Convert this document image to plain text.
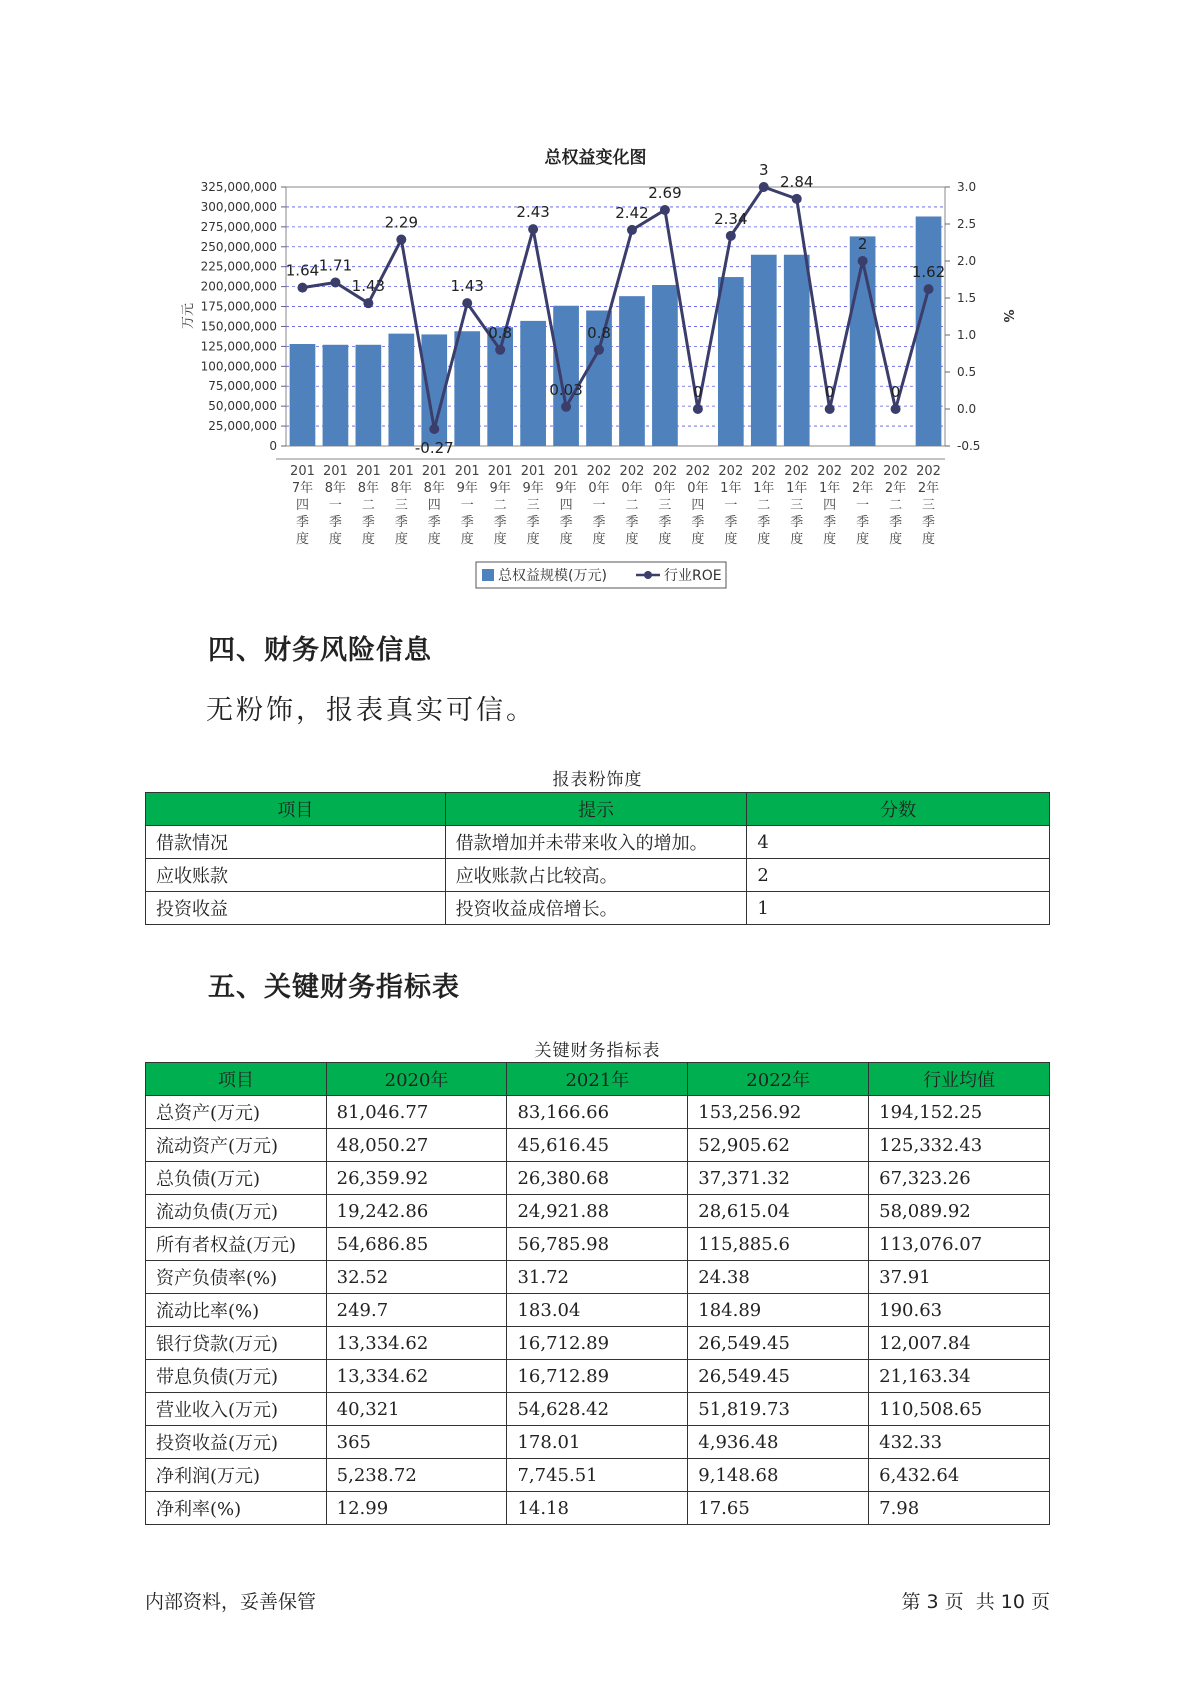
总权益变化图
325,000,000
300,000,000
275,000,000
250,000,000
225,000,000
200,000,000
175,000,000
150,000,000
125,000,000
100,000,000
75,000,000
50,000,000
25,000,000
0
3.0
2.5
2.0
1.5
1.0
0.5
0.0
-0.5
万元	%
1.64 1.71
1.43
2.29
-0.27
1.43
0.8
2.43
0.03
0.8
2.42
2.69
0
2.34
3
2.84
0
2
0
1.62
201
7年
四
季
度
201
8年
一
季
度
201
8年
二
季
度
201
8年
三
季
度
201
8年
四
季
度
201
9年
一
季
度
201
9年
二
季
度
201
9年
三
季
度
201
9年
四
季
度
202
0年
一
季
度
202
0年
二
季
度
202
0年
三
季
度
202
0年
四
季
度
202
1年
一
季
度
202
1年
二
季
度
202
1年
三
季
度
202
1年
四
季
度
202
2年
一
季
度
202
2年
二
季
度
202
2年
三
季
度
总权益规模(万元)	行业ROE
四、财务风险信息
无粉饰，报表真实可信。
报表粉饰度
项目	提示	分数
借款情况	借款增加并未带来收入的增加。	4
应收账款	应收账款占比较高。	2
投资收益	投资收益成倍增长。	1
五、关键财务指标表
关键财务指标表
项目	2020年	2021年	2022年	行业均值
总资产(万元)	81,046.77	83,166.66	153,256.92	194,152.25
流动资产(万元)	48,050.27	45,616.45	52,905.62	125,332.43
总负债(万元)	26,359.92	26,380.68	37,371.32	67,323.26
流动负债(万元)	19,242.86	24,921.88	28,615.04	58,089.92
所有者权益(万元)	54,686.85	56,785.98	115,885.6	113,076.07
资产负债率(%)	32.52	31.72	24.38	37.91
流动比率(%)	249.7	183.04	184.89	190.63
银行贷款(万元)	13,334.62	16,712.89	26,549.45	12,007.84
带息负债(万元)	13,334.62	16,712.89	26,549.45	21,163.34
营业收入(万元)	40,321	54,628.42	51,819.73	110,508.65
投资收益(万元)	365	178.01	4,936.48	432.33
净利润(万元)	5,238.72	7,745.51	9,148.68	6,432.64
净利率(%)	12.99	14.18	17.65	7.98
内部资料，妥善保管	第 3 页  共 10 页
